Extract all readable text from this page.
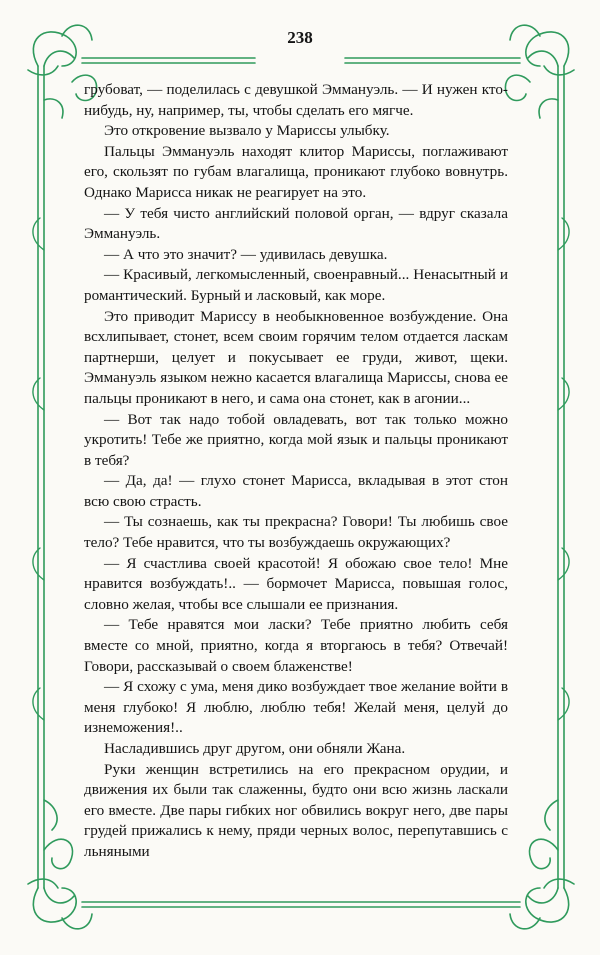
238

грубоват, — поделилась с девушкой Эммануэль. — И нужен кто-нибудь, ну, например, ты, чтобы сделать его мягче.

Это откровение вызвало у Мариссы улыбку.

Пальцы Эммануэль находят клитор Мариссы, поглаживают его, скользят по губам влагалища, проникают глубоко вовнутрь. Однако Марисса никак не реагирует на это.

— У тебя чисто английский половой орган, — вдруг сказала Эммануэль.

— А что это значит? — удивилась девушка.

— Красивый, легкомысленный, своенравный... Ненасытный и романтический. Бурный и ласковый, как море.

Это приводит Мариссу в необыкновенное возбуждение. Она всхлипывает, стонет, всем своим горячим телом отдается ласкам партнерши, целует и покусывает ее груди, живот, щеки. Эммануэль языком нежно касается влагалища Мариссы, снова ее пальцы проникают в него, и сама она стонет, как в агонии...

— Вот так надо тобой овладевать, вот так только можно укротить! Тебе же приятно, когда мой язык и пальцы проникают в тебя?

— Да, да! — глухо стонет Марисса, вкладывая в этот стон всю свою страсть.

— Ты сознаешь, как ты прекрасна? Говори! Ты любишь свое тело? Тебе нравится, что ты возбуждаешь окружающих?

— Я счастлива своей красотой! Я обожаю свое тело! Мне нравится возбуждать!.. — бормочет Марисса, повышая голос, словно желая, чтобы все слышали ее признания.

— Тебе нравятся мои ласки? Тебе приятно любить себя вместе со мной, приятно, когда я вторгаюсь в тебя? Отвечай! Говори, рассказывай о своем блаженстве!

— Я схожу с ума, меня дико возбуждает твое желание войти в меня глубоко! Я люблю, люблю тебя! Желай меня, целуй до изнеможения!..

Насладившись друг другом, они обняли Жана.

Руки женщин встретились на его прекрасном орудии, и движения их были так слаженны, будто они всю жизнь ласкали его вместе. Две пары гибких ног обвились вокруг него, две пары грудей прижались к нему, пряди черных волос, перепутавшись с льняными
